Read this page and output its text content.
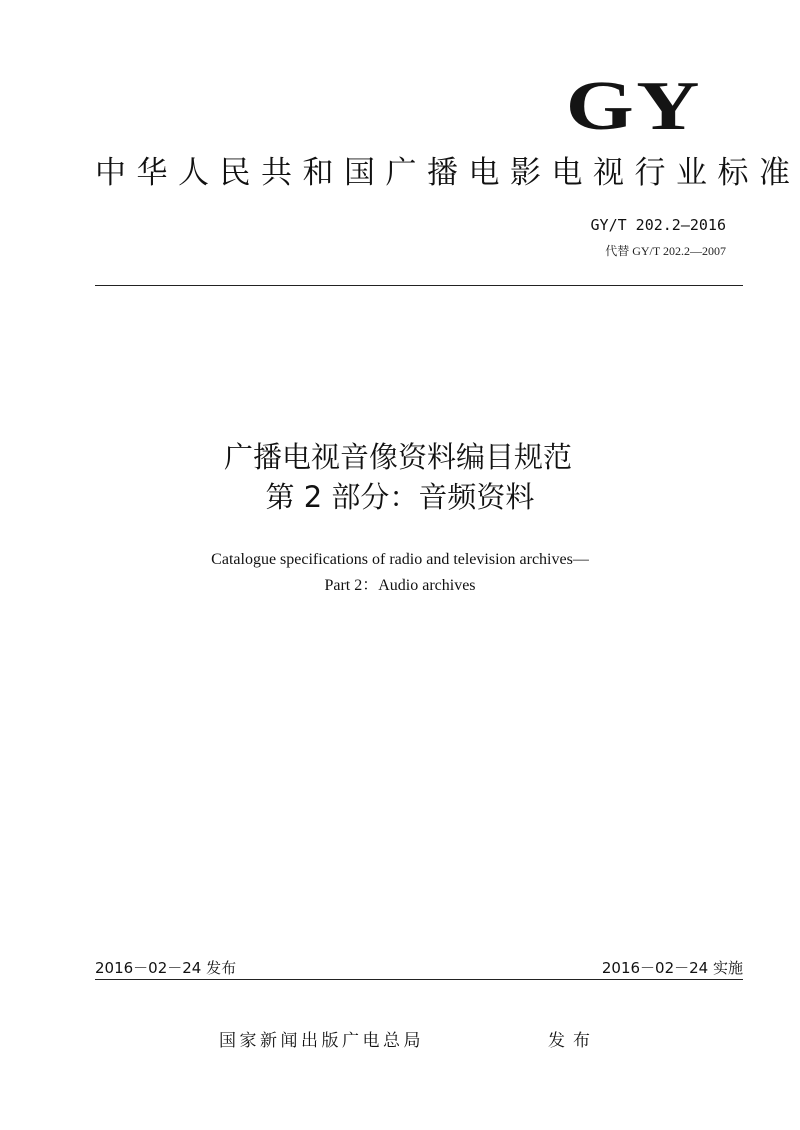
GY
中华人民共和国广播电影电视行业标准
GY/T 202.2—2016
代替 GY/T 202.2—2007
广播电视音像资料编目规范
第 2 部分：音频资料
Catalogue specifications of radio and television archives—
Part 2：Audio archives
2016－02－24 发布	2016－02－24 实施
国家新闻出版广电总局	发布
